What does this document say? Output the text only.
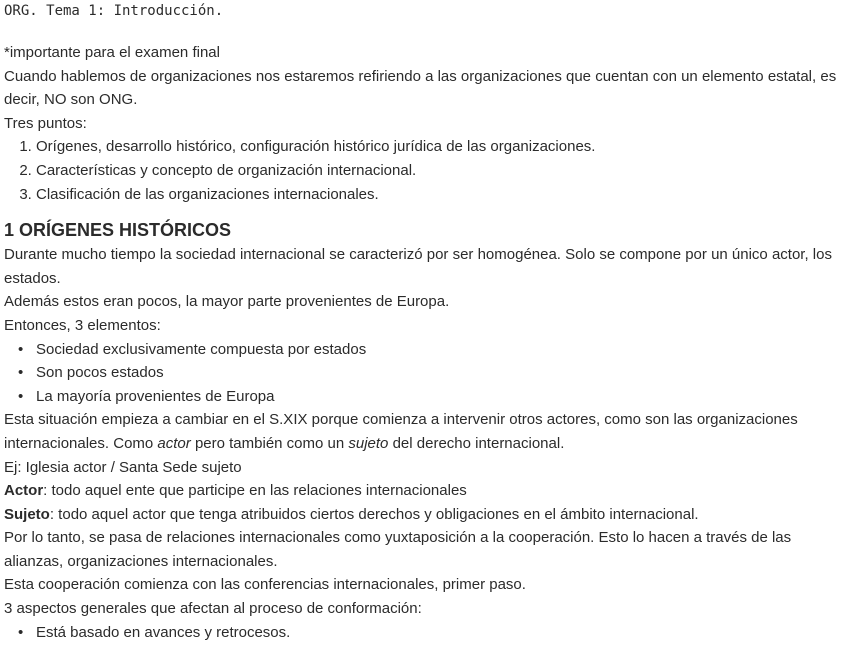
ORG. Tema 1: Introducción.

*importante para el examen final

Cuando hablemos de organizaciones nos estaremos refiriendo a las organizaciones que cuentan con un elemento estatal, es decir, NO son ONG.

Tres puntos:

1. Orígenes, desarrollo histórico, configuración histórico jurídica de las organizaciones.
2. Características y concepto de organización internacional.
3. Clasificación de las organizaciones internacionales.
1 ORÍGENES HISTÓRICOS

Durante mucho tiempo la sociedad internacional se caracterizó por ser homogénea. Solo se compone por un único actor, los estados.

Además estos eran pocos, la mayor parte provenientes de Europa.

Entonces, 3 elementos:

• Sociedad exclusivamente compuesta por estados
• Son pocos estados
• La mayoría provenientes de Europa

Esta situación empieza a cambiar en el S.XIX porque comienza a intervenir otros actores, como son las organizaciones internacionales. Como actor pero también como un sujeto del derecho internacional.

Ej: Iglesia actor / Santa Sede sujeto

Actor: todo aquel ente que participe en las relaciones internacionales

Sujeto: todo aquel actor que tenga atribuidos ciertos derechos y obligaciones en el ámbito internacional.

Por lo tanto, se pasa de relaciones internacionales como yuxtaposición a la cooperación. Esto lo hacen a través de las alianzas, organizaciones internacionales.

Esta cooperación comienza con las conferencias internacionales, primer paso.

3 aspectos generales que afectan al proceso de conformación:

• Está basado en avances y retrocesos.
